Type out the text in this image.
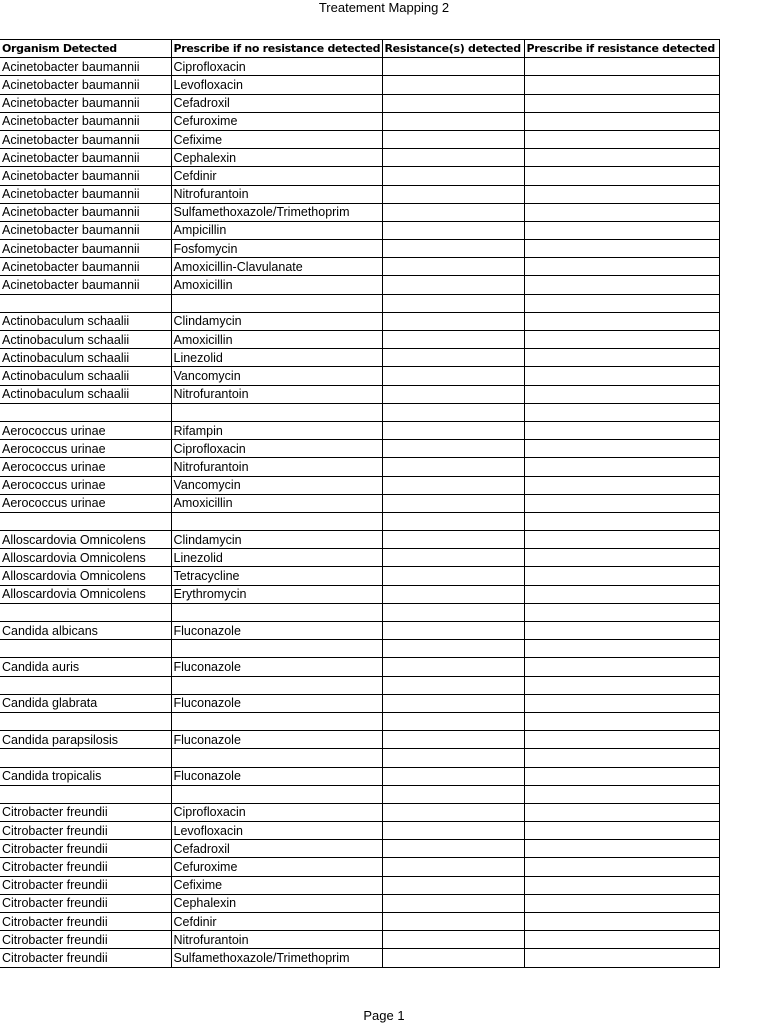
Treatement Mapping 2
Organism Detected	Prescribe if no resistance detected	Resistance(s) detected	Prescribe if resistance detected
Acinetobacter baumannii	Ciprofloxacin		
Acinetobacter baumannii	Levofloxacin		
Acinetobacter baumannii	Cefadroxil		
Acinetobacter baumannii	Cefuroxime		
Acinetobacter baumannii	Cefixime		
Acinetobacter baumannii	Cephalexin		
Acinetobacter baumannii	Cefdinir		
Acinetobacter baumannii	Nitrofurantoin		
Acinetobacter baumannii	Sulfamethoxazole/Trimethoprim		
Acinetobacter baumannii	Ampicillin		
Acinetobacter baumannii	Fosfomycin		
Acinetobacter baumannii	Amoxicillin-Clavulanate		
Acinetobacter baumannii	Amoxicillin		

Actinobaculum schaalii	Clindamycin		
Actinobaculum schaalii	Amoxicillin		
Actinobaculum schaalii	Linezolid		
Actinobaculum schaalii	Vancomycin		
Actinobaculum schaalii	Nitrofurantoin		

Aerococcus urinae	Rifampin		
Aerococcus urinae	Ciprofloxacin		
Aerococcus urinae	Nitrofurantoin		
Aerococcus urinae	Vancomycin		
Aerococcus urinae	Amoxicillin		

Alloscardovia Omnicolens	Clindamycin		
Alloscardovia Omnicolens	Linezolid		
Alloscardovia Omnicolens	Tetracycline		
Alloscardovia Omnicolens	Erythromycin		

Candida albicans	Fluconazole		

Candida auris	Fluconazole		

Candida glabrata	Fluconazole		

Candida parapsilosis	Fluconazole		

Candida tropicalis	Fluconazole		

Citrobacter freundii	Ciprofloxacin		
Citrobacter freundii	Levofloxacin		
Citrobacter freundii	Cefadroxil		
Citrobacter freundii	Cefuroxime		
Citrobacter freundii	Cefixime		
Citrobacter freundii	Cephalexin		
Citrobacter freundii	Cefdinir		
Citrobacter freundii	Nitrofurantoin		
Citrobacter freundii	Sulfamethoxazole/Trimethoprim		
Page 1
